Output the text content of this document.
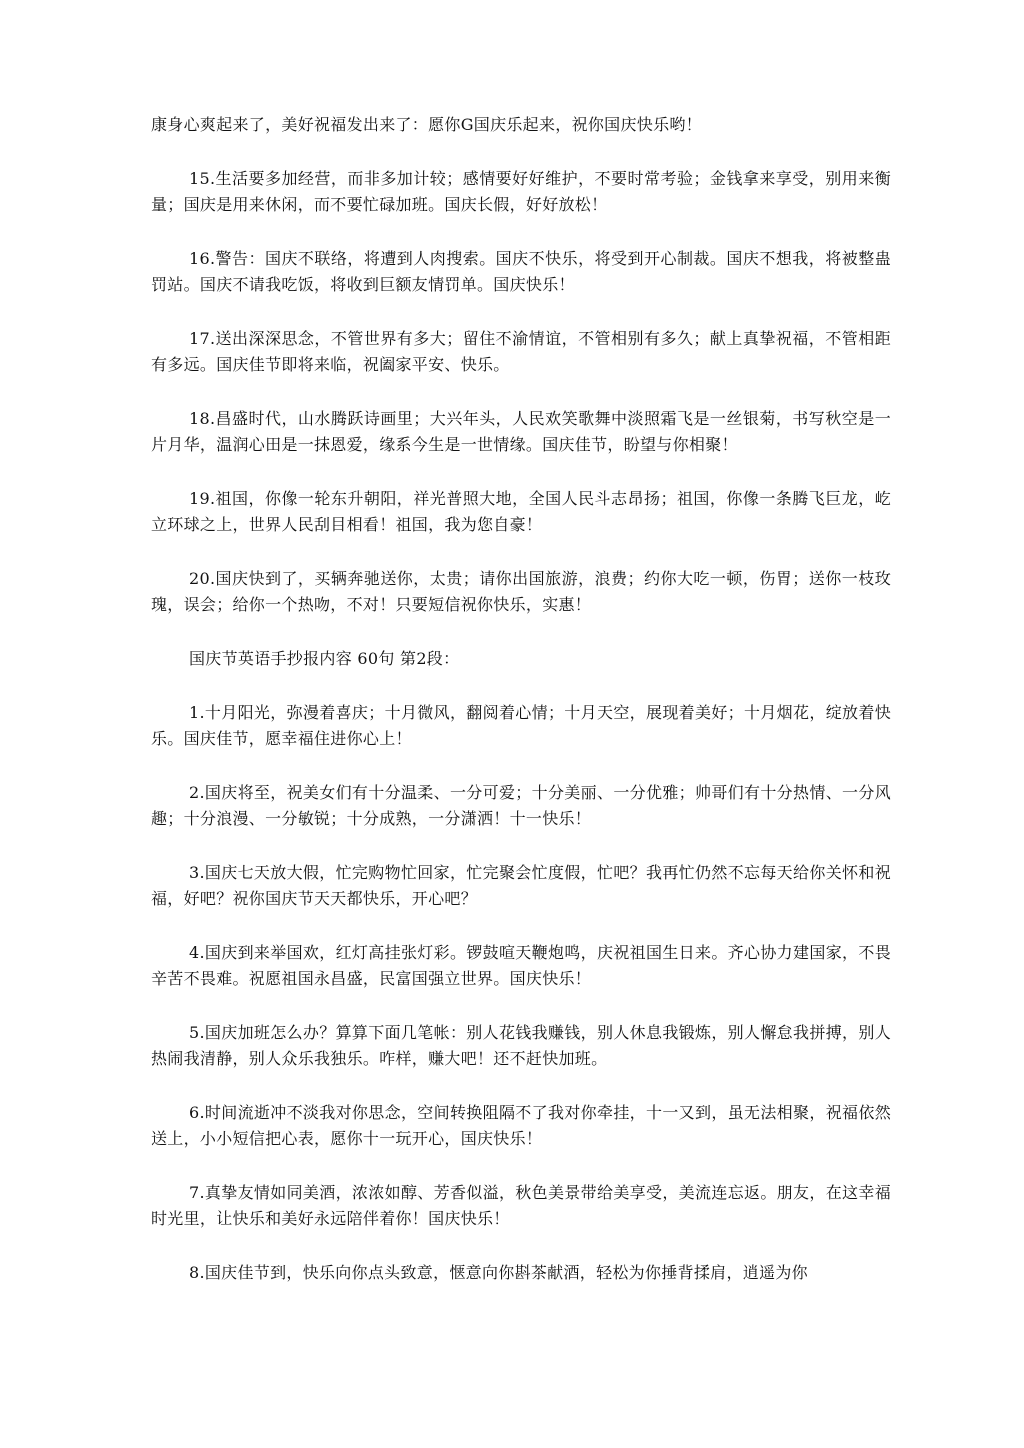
康身心爽起来了，美好祝福发出来了：愿你G国庆乐起来，祝你国庆快乐哟！

15.生活要多加经营，而非多加计较；感情要好好维护，不要时常考验；金钱拿来享受，别用来衡量；国庆是用来休闲，而不要忙碌加班。国庆长假，好好放松！

16.警告：国庆不联络，将遭到人肉搜索。国庆不快乐，将受到开心制裁。国庆不想我，将被整蛊罚站。国庆不请我吃饭，将收到巨额友情罚单。国庆快乐！

17.送出深深思念，不管世界有多大；留住不渝情谊，不管相别有多久；献上真挚祝福，不管相距有多远。国庆佳节即将来临，祝阖家平安、快乐。

18.昌盛时代，山水腾跃诗画里；大兴年头，人民欢笑歌舞中淡照霜飞是一丝银菊，书写秋空是一片月华，温润心田是一抹恩爱，缘系今生是一世情缘。国庆佳节，盼望与你相聚！

19.祖国，你像一轮东升朝阳，祥光普照大地，全国人民斗志昂扬；祖国，你像一条腾飞巨龙，屹立环球之上，世界人民刮目相看！祖国，我为您自豪！

20.国庆快到了，买辆奔驰送你，太贵；请你出国旅游，浪费；约你大吃一顿，伤胃；送你一枝玫瑰，误会；给你一个热吻，不对！只要短信祝你快乐，实惠！

国庆节英语手抄报内容 60句 第2段：

1.十月阳光，弥漫着喜庆；十月微风，翻阅着心情；十月天空，展现着美好；十月烟花，绽放着快乐。国庆佳节，愿幸福住进你心上！

2.国庆将至，祝美女们有十分温柔、一分可爱；十分美丽、一分优雅；帅哥们有十分热情、一分风趣；十分浪漫、一分敏锐；十分成熟，一分潇洒！十一快乐！

3.国庆七天放大假，忙完购物忙回家，忙完聚会忙度假，忙吧？我再忙仍然不忘每天给你关怀和祝福，好吧？祝你国庆节天天都快乐，开心吧？

4.国庆到来举国欢，红灯高挂张灯彩。锣鼓喧天鞭炮鸣，庆祝祖国生日来。齐心协力建国家，不畏辛苦不畏难。祝愿祖国永昌盛，民富国强立世界。国庆快乐！

5.国庆加班怎么办？算算下面几笔帐：别人花钱我赚钱，别人休息我锻炼，别人懈怠我拼搏，别人热闹我清静，别人众乐我独乐。咋样，赚大吧！还不赶快加班。

6.时间流逝冲不淡我对你思念，空间转换阻隔不了我对你牵挂，十一又到，虽无法相聚，祝福依然送上，小小短信把心表，愿你十一玩开心，国庆快乐！

7.真挚友情如同美酒，浓浓如醇、芳香似溢，秋色美景带给美享受，美流连忘返。朋友，在这幸福时光里，让快乐和美好永远陪伴着你！国庆快乐！

8.国庆佳节到，快乐向你点头致意，惬意向你斟茶献酒，轻松为你捶背揉肩，逍遥为你
